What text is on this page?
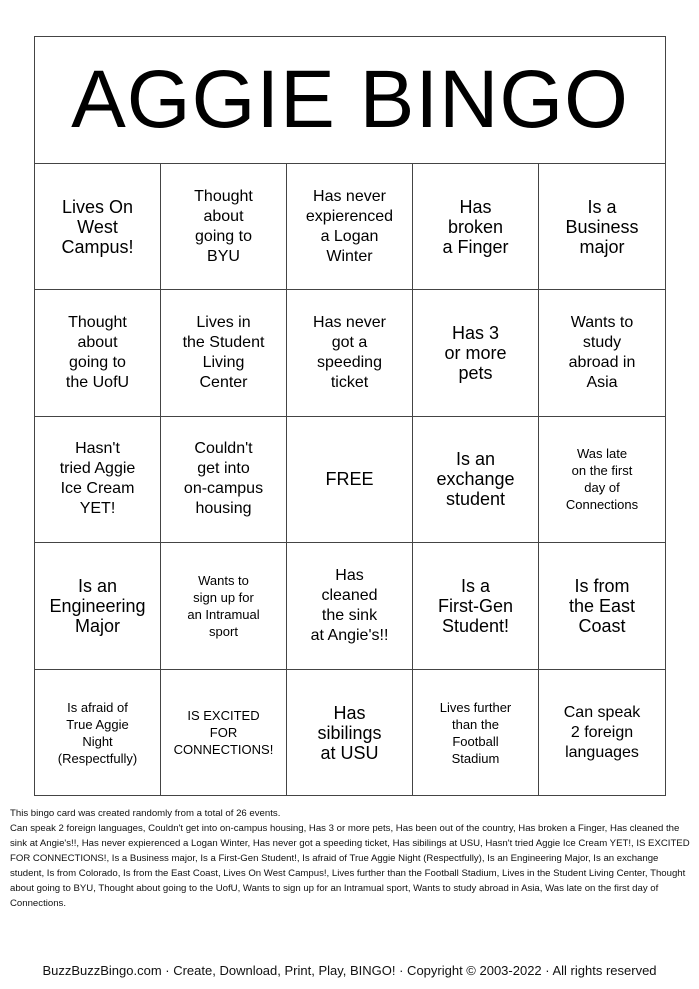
AGGIE BINGO
Lives On
West
Campus!
Thought
about
going to
BYU
Has never
expierenced
a Logan
Winter
Has
broken
a Finger
Is a
Business
major
Thought
about
going to
the UofU
Lives in
the Student
Living
Center
Has never
got a
speeding
ticket
Has 3
or more
pets
Wants to
study
abroad in
Asia
Hasn't
tried Aggie
Ice Cream
YET!
Couldn't
get into
on-campus
housing
FREE
Is an
exchange
student
Was late
on the first
day of
Connections
Is an
Engineering
Major
Wants to
sign up for
an Intramual
sport
Has
cleaned
the sink
at Angie's!!
Is a
First-Gen
Student!
Is from
the East
Coast
Is afraid of
True Aggie
Night
(Respectfully)
IS EXCITED
FOR
CONNECTIONS!
Has
sibilings
at USU
Lives further
than the
Football
Stadium
Can speak
2 foreign
languages
This bingo card was created randomly from a total of 26 events.
Can speak 2 foreign languages, Couldn't get into on-campus housing, Has 3 or more pets, Has been out of the country, Has broken a Finger, Has cleaned the sink at Angie's!!, Has never expierenced a Logan Winter, Has never got a speeding ticket, Has sibilings at USU, Hasn't tried Aggie Ice Cream YET!, IS EXCITED FOR CONNECTIONS!, Is a Business major, Is a First-Gen Student!, Is afraid of True Aggie Night (Respectfully), Is an Engineering Major, Is an exchange student, Is from Colorado, Is from the East Coast, Lives On West Campus!, Lives further than the Football Stadium, Lives in the Student Living Center, Thought about going to BYU, Thought about going to the UofU, Wants to sign up for an Intramual sport, Wants to study abroad in Asia, Was late on the first day of Connections.
BuzzBuzzBingo.com · Create, Download, Print, Play, BINGO! · Copyright © 2003-2022 · All rights reserved
